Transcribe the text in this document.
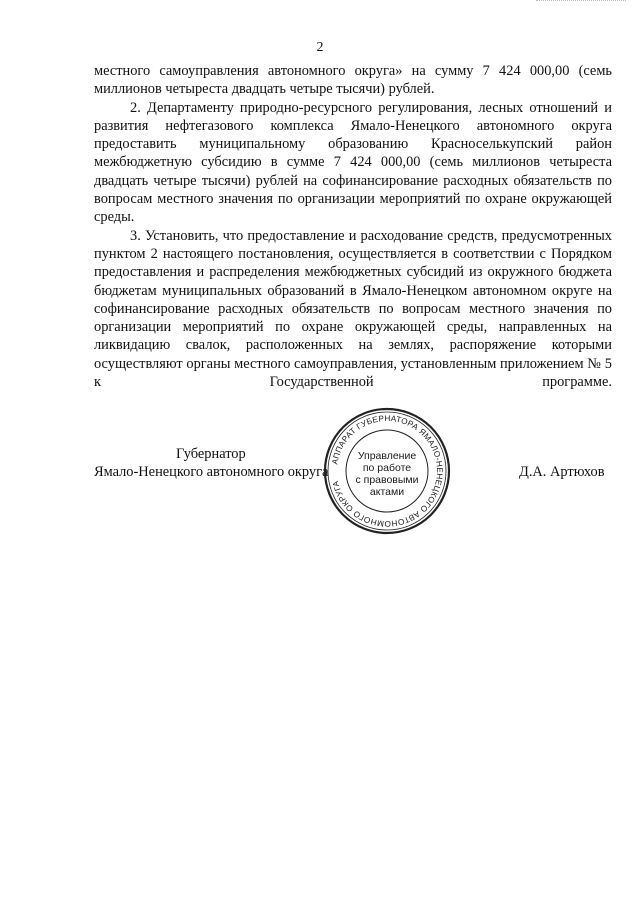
2

местного самоуправления автономного округа» на сумму 7 424 000,00 (семь миллионов четыреста двадцать четыре тысячи) рублей.

2. Департаменту природно-ресурсного регулирования, лесных отношений и развития нефтегазового комплекса Ямало-Ненецкого автономного округа предоставить муниципальному образованию Красноселькупский район межбюджетную субсидию в сумме 7 424 000,00 (семь миллионов четыреста двадцать четыре тысячи) рублей на софинансирование расходных обязательств по вопросам местного значения по организации мероприятий по охране окружающей среды.

3. Установить, что предоставление и расходование средств, предусмотренных пунктом 2 настоящего постановления, осуществляется в соответствии с Порядком предоставления и распределения межбюджетных субсидий из окружного бюджета бюджетам муниципальных образований в Ямало-Ненецком автономном округе на софинансирование расходных обязательств по вопросам местного значения по организации мероприятий по охране окружающей среды, направленных на ликвидацию свалок, расположенных на землях, распоряжение которыми осуществляют органы местного самоуправления, установленным приложением № 5 к Государственной программе.

Губернатор
Ямало-Ненецкого автономного округа	Д.А. Артюхов
АППАРАТ ГУБЕРНАТОРА ЯМАЛО-НЕНЕЦКОГО АВТОНОМНОГО ОКРУГА
Управление
по работе
с правовыми
актами
